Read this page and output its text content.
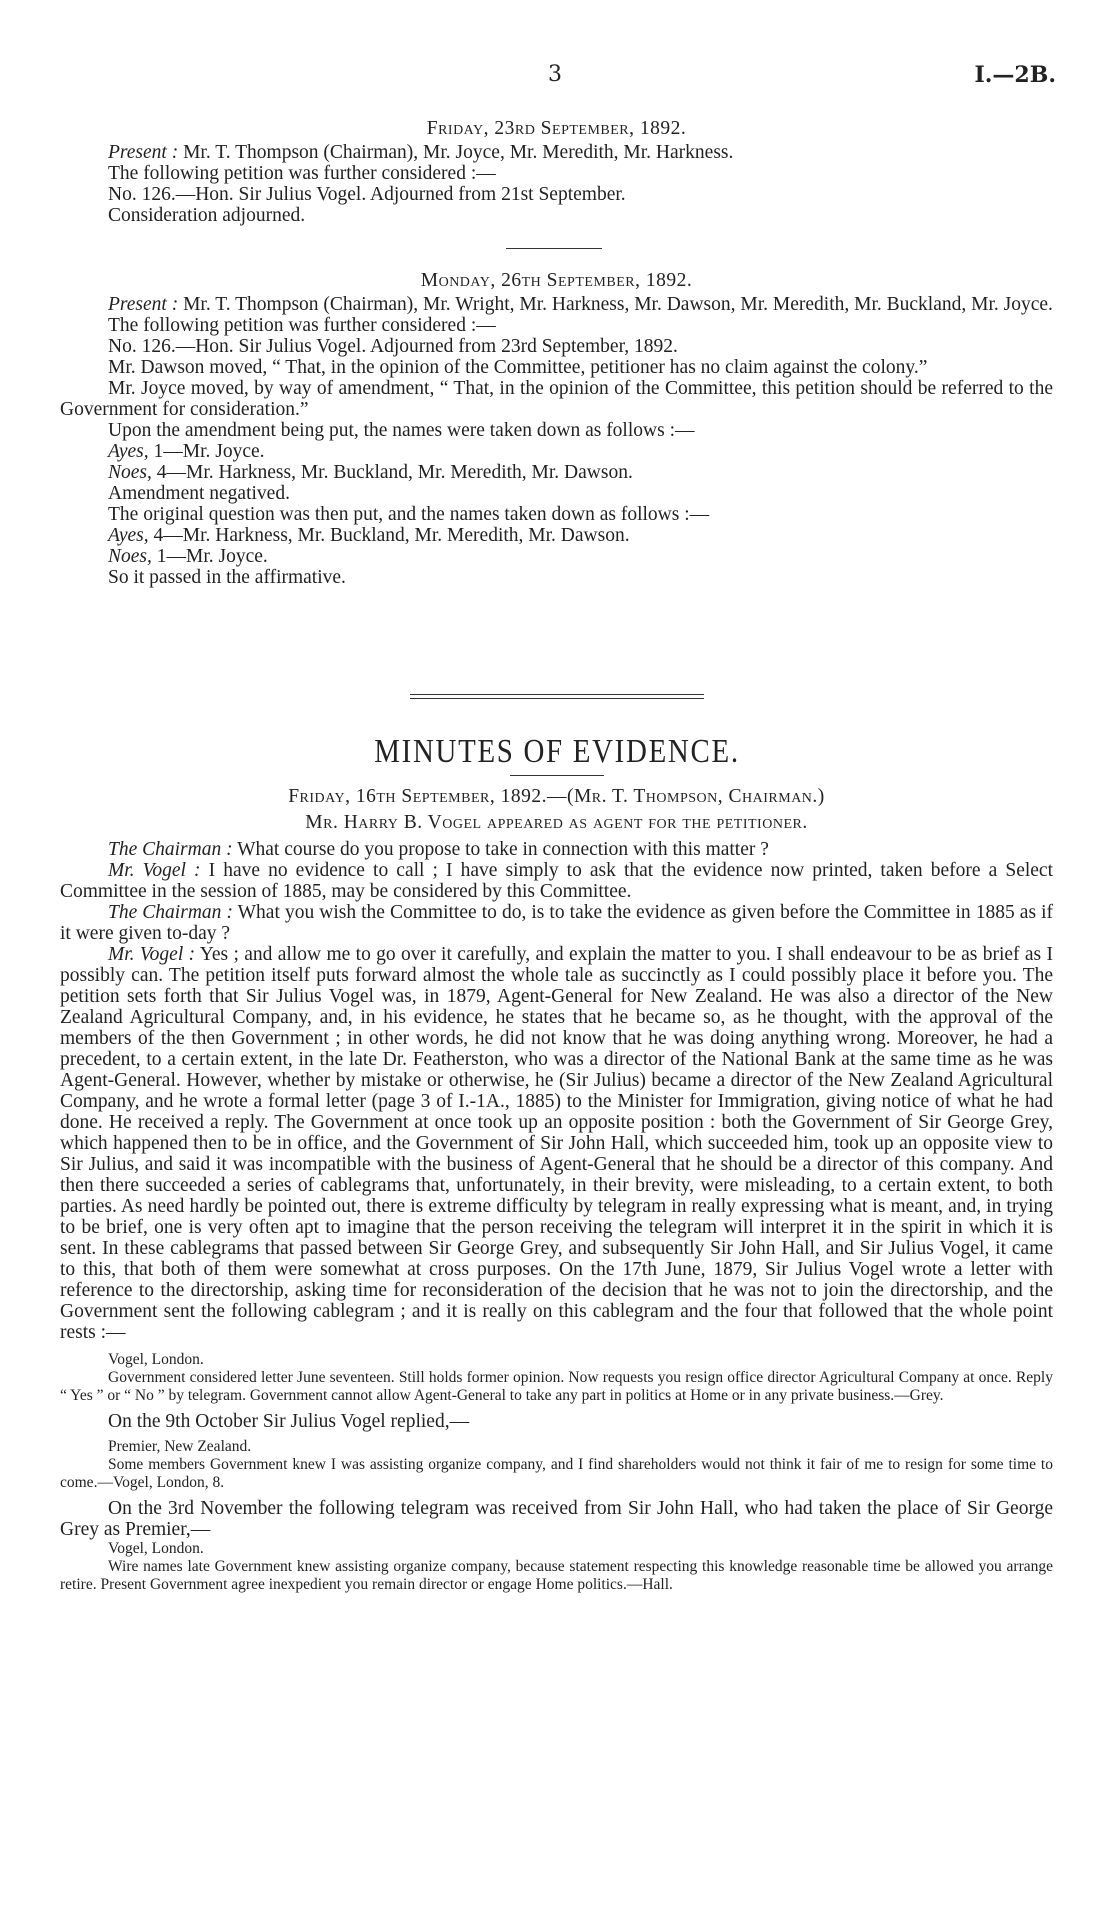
3	I.—2B.

Friday, 23rd September, 1892.

Present : Mr. T. Thompson (Chairman), Mr. Joyce, Mr. Meredith, Mr. Harkness.

The following petition was further considered :—

No. 126.—Hon. Sir Julius Vogel. Adjourned from 21st September.

Consideration adjourned.

Monday, 26th September, 1892.

Present : Mr. T. Thompson (Chairman), Mr. Wright, Mr. Harkness, Mr. Dawson, Mr. Meredith, Mr. Buckland, Mr. Joyce.

The following petition was further considered :—

No. 126.—Hon. Sir Julius Vogel. Adjourned from 23rd September, 1892.

Mr. Dawson moved, “ That, in the opinion of the Committee, petitioner has no claim against the colony.”

Mr. Joyce moved, by way of amendment, “ That, in the opinion of the Committee, this petition should be referred to the Government for consideration.”

Upon the amendment being put, the names were taken down as follows :—

Ayes, 1—Mr. Joyce.

Noes, 4—Mr. Harkness, Mr. Buckland, Mr. Meredith, Mr. Dawson.

Amendment negatived.

The original question was then put, and the names taken down as follows :—

Ayes, 4—Mr. Harkness, Mr. Buckland, Mr. Meredith, Mr. Dawson.

Noes, 1—Mr. Joyce.

So it passed in the affirmative.

MINUTES OF EVIDENCE.

Friday, 16th September, 1892.—(Mr. T. Thompson, Chairman.)

Mr. Harry B. Vogel appeared as agent for the petitioner.

The Chairman : What course do you propose to take in connection with this matter ?

Mr. Vogel : I have no evidence to call ; I have simply to ask that the evidence now printed, taken before a Select Committee in the session of 1885, may be considered by this Committee.

The Chairman : What you wish the Committee to do, is to take the evidence as given before the Committee in 1885 as if it were given to-day ?

Mr. Vogel : Yes ; and allow me to go over it carefully, and explain the matter to you. I shall endeavour to be as brief as I possibly can. The petition itself puts forward almost the whole tale as succinctly as I could possibly place it before you. The petition sets forth that Sir Julius Vogel was, in 1879, Agent-General for New Zealand. He was also a director of the New Zealand Agricultural Company, and, in his evidence, he states that he became so, as he thought, with the approval of the members of the then Government ; in other words, he did not know that he was doing anything wrong. Moreover, he had a precedent, to a certain extent, in the late Dr. Featherston, who was a director of the National Bank at the same time as he was Agent-General. However, whether by mistake or otherwise, he (Sir Julius) became a director of the New Zealand Agricultural Company, and he wrote a formal letter (page 3 of I.-1A., 1885) to the Minister for Immigration, giving notice of what he had done. He received a reply. The Government at once took up an opposite position : both the Government of Sir George Grey, which happened then to be in office, and the Government of Sir John Hall, which succeeded him, took up an opposite view to Sir Julius, and said it was incompatible with the business of Agent-General that he should be a director of this company. And then there succeeded a series of cablegrams that, unfortunately, in their brevity, were misleading, to a certain extent, to both parties. As need hardly be pointed out, there is extreme difficulty by telegram in really expressing what is meant, and, in trying to be brief, one is very often apt to imagine that the person receiving the telegram will interpret it in the spirit in which it is sent. In these cablegrams that passed between Sir George Grey, and subsequently Sir John Hall, and Sir Julius Vogel, it came to this, that both of them were somewhat at cross purposes. On the 17th June, 1879, Sir Julius Vogel wrote a letter with reference to the directorship, asking time for reconsideration of the decision that he was not to join the directorship, and the Government sent the following cablegram ; and it is really on this cablegram and the four that followed that the whole point rests :—

Vogel, London.

Government considered letter June seventeen. Still holds former opinion. Now requests you resign office director Agricultural Company at once. Reply “ Yes ” or “ No ” by telegram. Government cannot allow Agent-General to take any part in politics at Home or in any private business.—Grey.

On the 9th October Sir Julius Vogel replied,—

Premier, New Zealand.

Some members Government knew I was assisting organize company, and I find shareholders would not think it fair of me to resign for some time to come.—Vogel, London, 8.

On the 3rd November the following telegram was received from Sir John Hall, who had taken the place of Sir George Grey as Premier,—

Vogel, London.

Wire names late Government knew assisting organize company, because statement respecting this knowledge reasonable time be allowed you arrange retire. Present Government agree inexpedient you remain director or engage Home politics.—Hall.
